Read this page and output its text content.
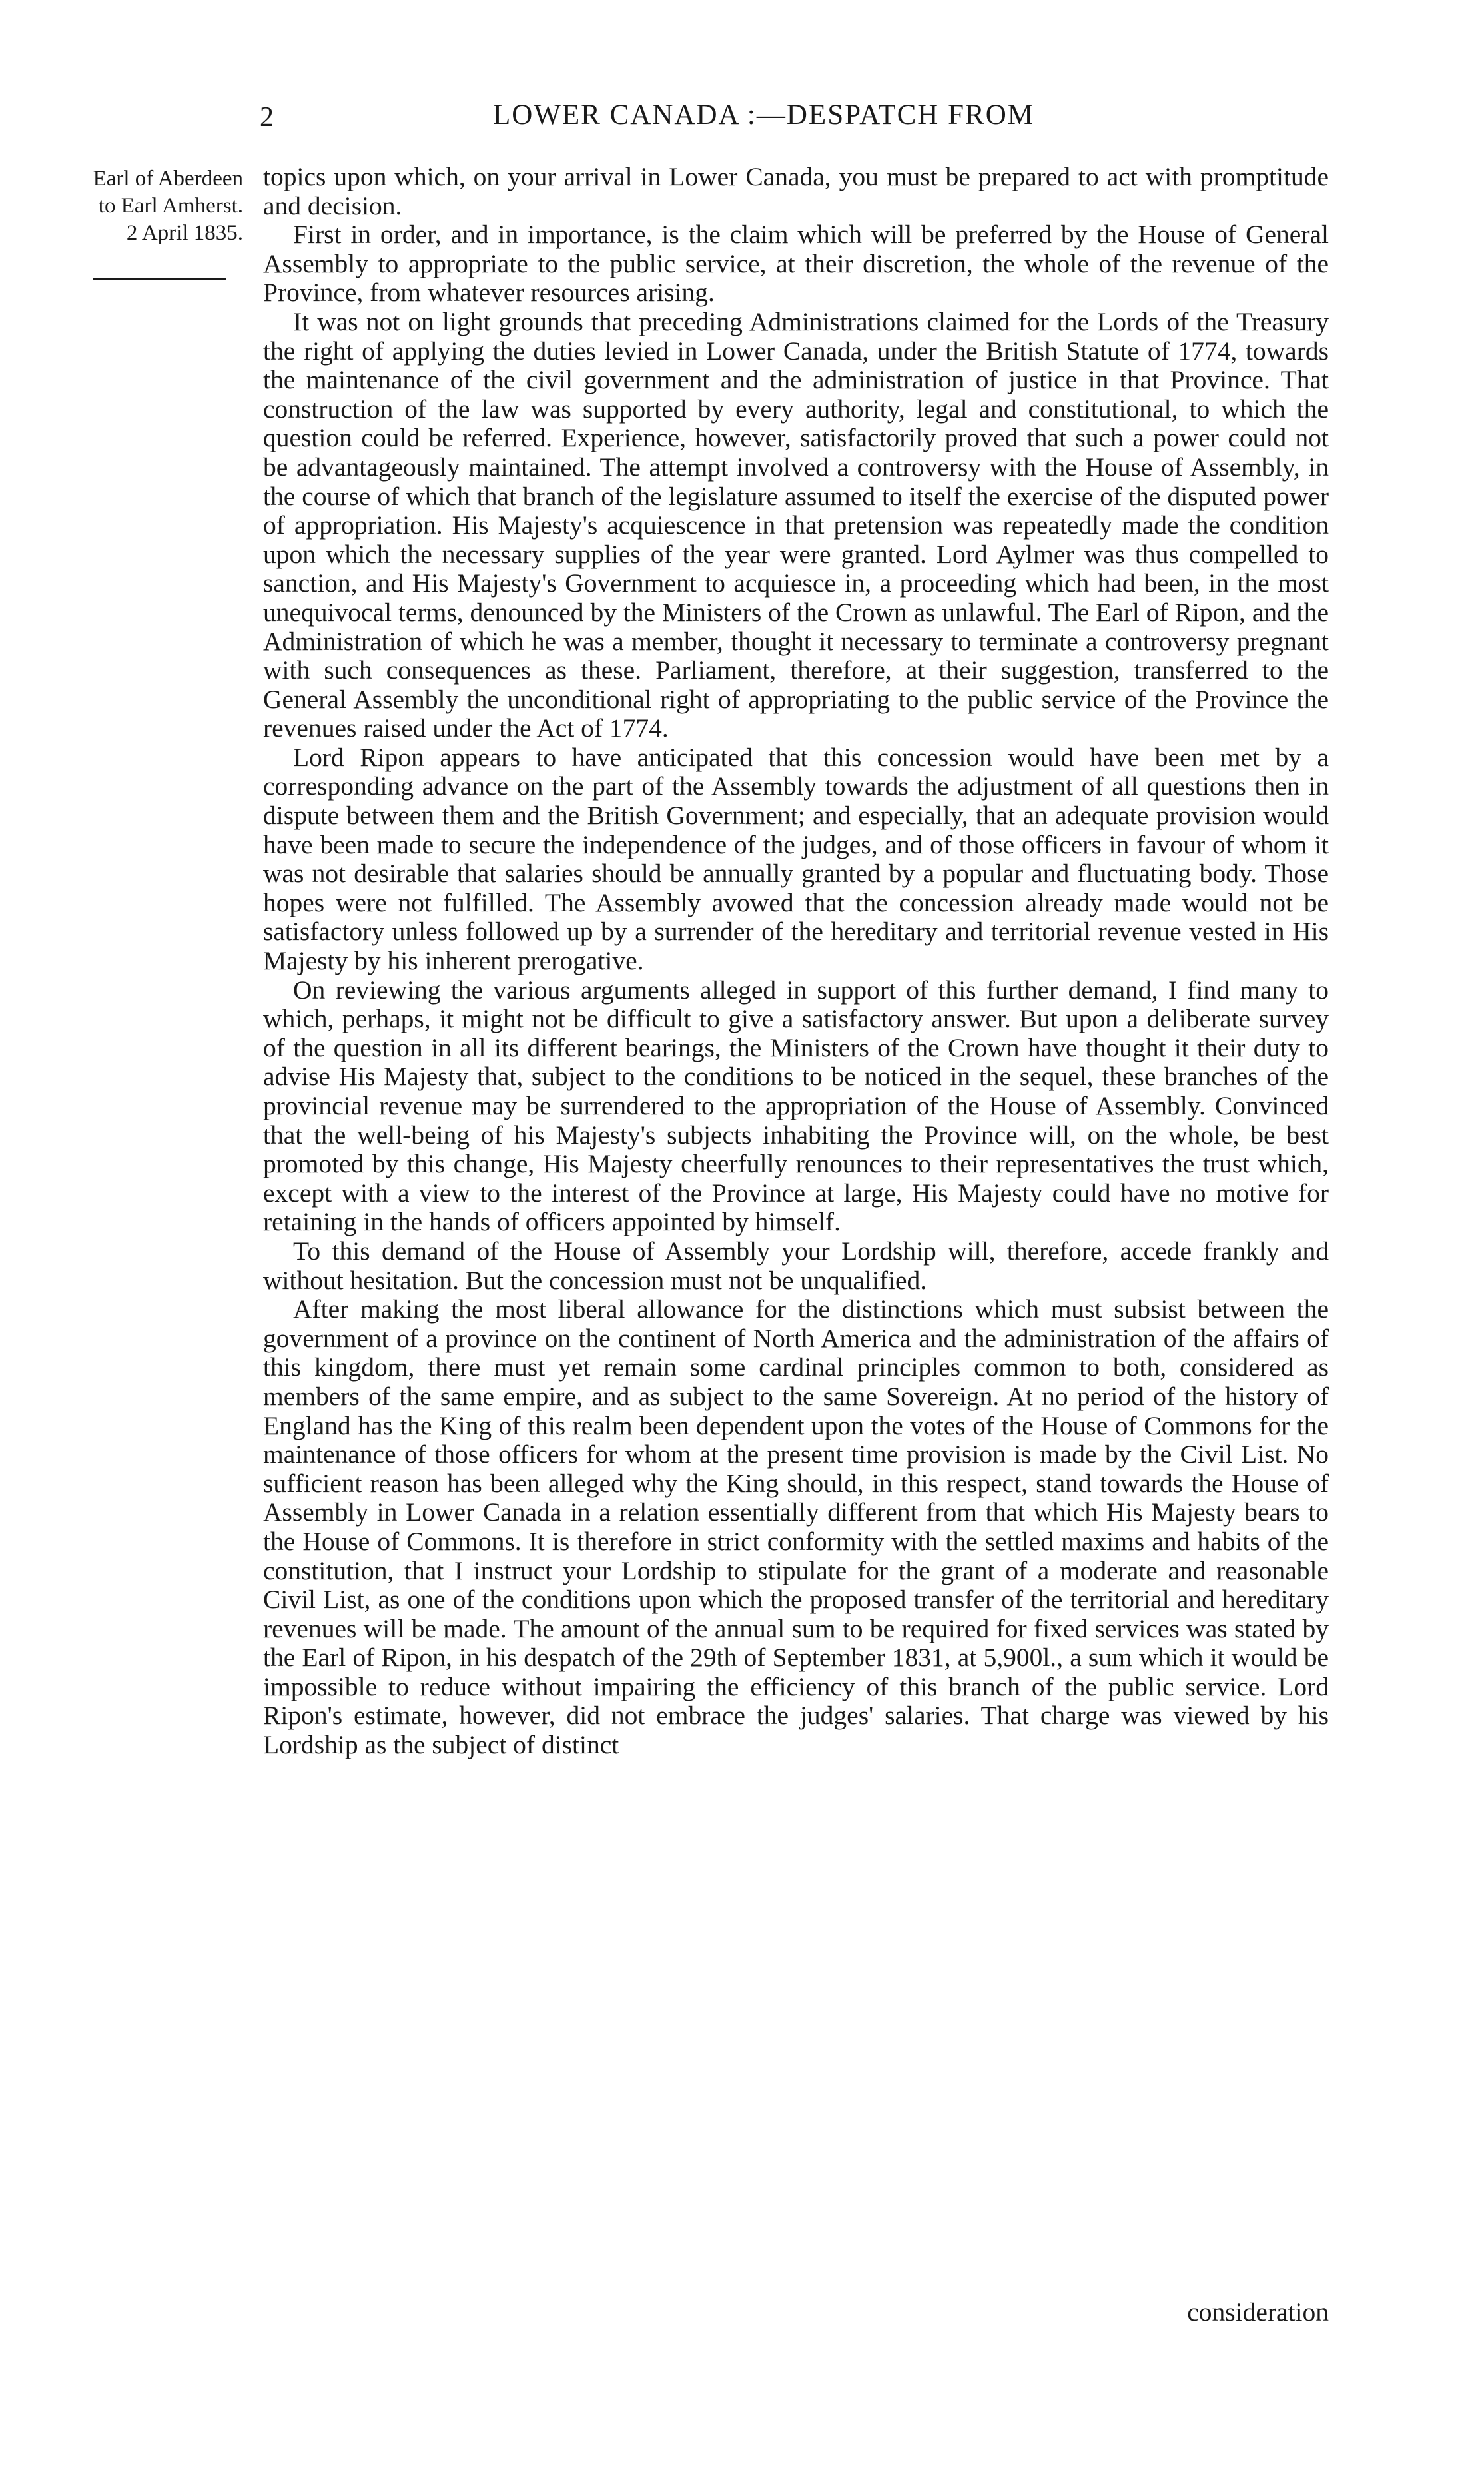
2	LOWER CANADA :—DESPATCH FROM
Earl of Aberdeen
to Earl Amherst.
2 April 1835.

topics upon which, on your arrival in Lower Canada, you must be prepared to act with promptitude and decision.

First in order, and in importance, is the claim which will be preferred by the House of General Assembly to appropriate to the public service, at their discretion, the whole of the revenue of the Province, from whatever resources arising.

It was not on light grounds that preceding Administrations claimed for the Lords of the Treasury the right of applying the duties levied in Lower Canada, under the British Statute of 1774, towards the maintenance of the civil government and the administration of justice in that Province. That construction of the law was supported by every authority, legal and constitutional, to which the question could be referred. Experience, however, satisfactorily proved that such a power could not be advantageously maintained. The attempt involved a controversy with the House of Assembly, in the course of which that branch of the legislature assumed to itself the exercise of the disputed power of appropriation. His Majesty's acquiescence in that pretension was repeatedly made the condition upon which the necessary supplies of the year were granted. Lord Aylmer was thus compelled to sanction, and His Majesty's Government to acquiesce in, a proceeding which had been, in the most unequivocal terms, denounced by the Ministers of the Crown as unlawful. The Earl of Ripon, and the Administration of which he was a member, thought it necessary to terminate a controversy pregnant with such consequences as these. Parliament, therefore, at their suggestion, transferred to the General Assembly the unconditional right of appropriating to the public service of the Province the revenues raised under the Act of 1774.

Lord Ripon appears to have anticipated that this concession would have been met by a corresponding advance on the part of the Assembly towards the adjustment of all questions then in dispute between them and the British Government; and especially, that an adequate provision would have been made to secure the independence of the judges, and of those officers in favour of whom it was not desirable that salaries should be annually granted by a popular and fluctuating body. Those hopes were not fulfilled. The Assembly avowed that the concession already made would not be satisfactory unless followed up by a surrender of the hereditary and territorial revenue vested in His Majesty by his inherent prerogative.

On reviewing the various arguments alleged in support of this further demand, I find many to which, perhaps, it might not be difficult to give a satisfactory answer. But upon a deliberate survey of the question in all its different bearings, the Ministers of the Crown have thought it their duty to advise His Majesty that, subject to the conditions to be noticed in the sequel, these branches of the provincial revenue may be surrendered to the appropriation of the House of Assembly. Convinced that the well-being of his Majesty's subjects inhabiting the Province will, on the whole, be best promoted by this change, His Majesty cheerfully renounces to their representatives the trust which, except with a view to the interest of the Province at large, His Majesty could have no motive for retaining in the hands of officers appointed by himself.

To this demand of the House of Assembly your Lordship will, therefore, accede frankly and without hesitation. But the concession must not be unqualified.

After making the most liberal allowance for the distinctions which must subsist between the government of a province on the continent of North America and the administration of the affairs of this kingdom, there must yet remain some cardinal principles common to both, considered as members of the same empire, and as subject to the same Sovereign. At no period of the history of England has the King of this realm been dependent upon the votes of the House of Commons for the maintenance of those officers for whom at the present time provision is made by the Civil List. No sufficient reason has been alleged why the King should, in this respect, stand towards the House of Assembly in Lower Canada in a relation essentially different from that which His Majesty bears to the House of Commons. It is therefore in strict conformity with the settled maxims and habits of the constitution, that I instruct your Lordship to stipulate for the grant of a moderate and reasonable Civil List, as one of the conditions upon which the proposed transfer of the territorial and hereditary revenues will be made. The amount of the annual sum to be required for fixed services was stated by the Earl of Ripon, in his despatch of the 29th of September 1831, at 5,900l., a sum which it would be impossible to reduce without impairing the efficiency of this branch of the public service. Lord Ripon's estimate, however, did not embrace the judges' salaries. That charge was viewed by his Lordship as the subject of distinct

consideration
